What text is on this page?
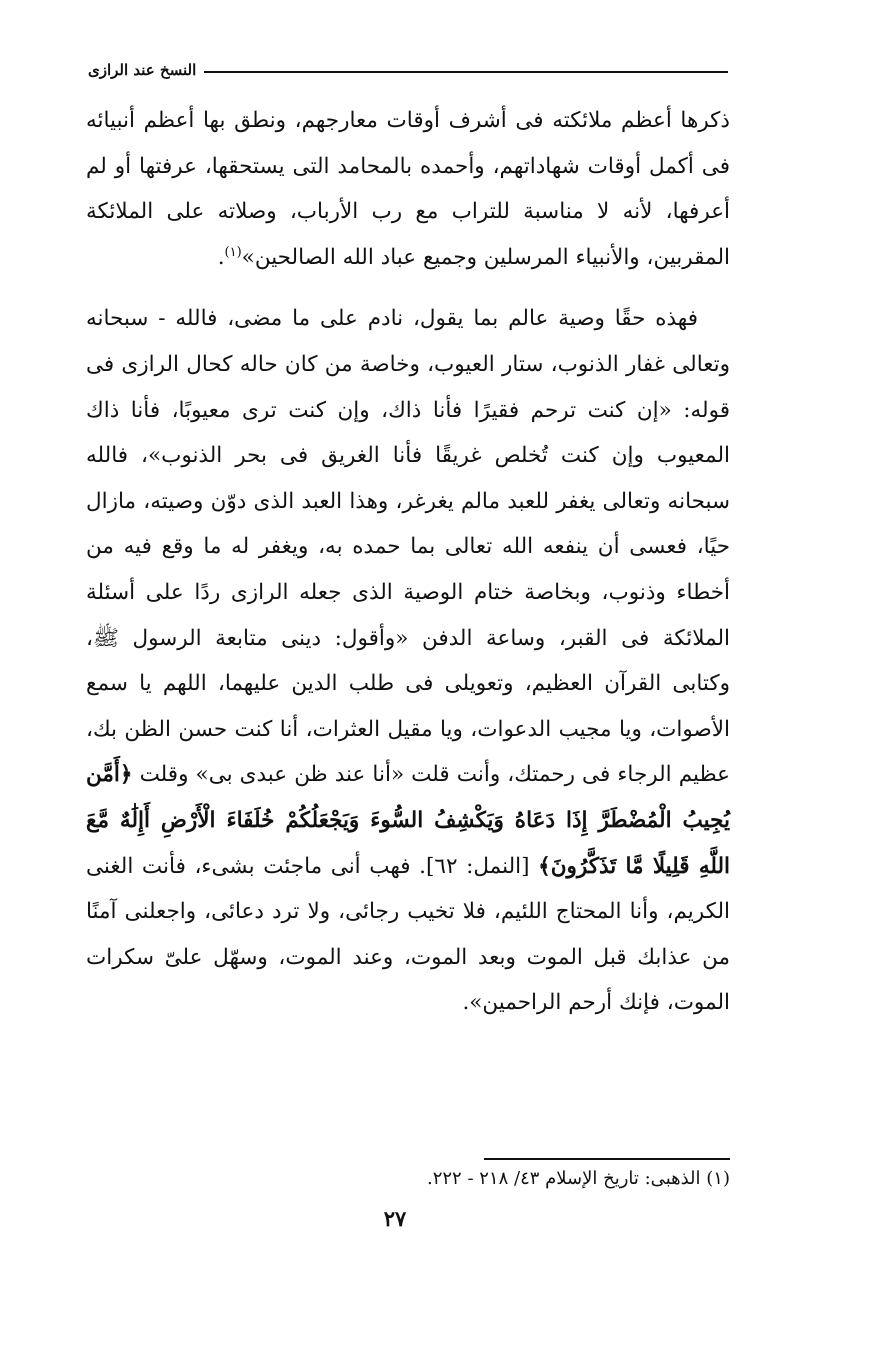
النسخ عند الرازى

ذكرها أعظم ملائكته فى أشرف أوقات معارجهم، ونطق بها أعظم أنبيائه فى أكمل أوقات شهاداتهم، وأحمده بالمحامد التى يستحقها، عرفتها أو لم أعرفها، لأنه لا مناسبة للتراب مع رب الأرباب، وصلاته على الملائكة المقربين، والأنبياء المرسلين وجميع عباد الله الصالحين»$^{(١)}$.

فهذه حقًا وصية عالم بما يقول، نادم على ما مضى، فالله - سبحانه وتعالى غفار الذنوب، ستار العيوب، وخاصة من كان حاله كحال الرازى فى قوله: «إن كنت ترحم فقيرًا فأنا ذاك، وإن كنت ترى معيوبًا، فأنا ذاك المعيوب وإن كنت تُخلص غريقًا فأنا الغريق فى بحر الذنوب»، فالله سبحانه وتعالى يغفر للعبد مالم يغرغر، وهذا العبد الذى دوّن وصيته، مازال حيًا، فعسى أن ينفعه الله تعالى بما حمده به، ويغفر له ما وقع فيه من أخطاء وذنوب، وبخاصة ختام الوصية الذى جعله الرازى ردًا على أسئلة الملائكة فى القبر، وساعة الدفن «وأقول: دينى متابعة الرسول ﷺ، وكتابى القرآن العظيم، وتعويلى فى طلب الدين عليهما، اللهم يا سمع الأصوات، ويا مجيب الدعوات، ويا مقيل العثرات، أنا كنت حسن الظن بك، عظيم الرجاء فى رحمتك، وأنت قلت «أنا عند ظن عبدى بى» وقلت ﴿أَمَّن يُجِيبُ الْمُضْطَرَّ إِذَا دَعَاهُ وَيَكْشِفُ السُّوءَ وَيَجْعَلُكُمْ خُلَفَاءَ الْأَرْضِ أَإِلَٰهٌ مَّعَ اللَّهِ قَلِيلًا مَّا تَذَكَّرُونَ﴾ [النمل: ٦٢]. فهب أنى ماجئت بشىء، فأنت الغنى الكريم، وأنا المحتاج اللئيم، فلا تخيب رجائى، ولا ترد دعائى، واجعلنى آمنًا من عذابك قبل الموت وبعد الموت، وعند الموت، وسهّل علىّ سكرات الموت، فإنك أرحم الراحمين».

(١) الذهبى: تاريخ الإسلام ٤٣/ ٢١٨ - ٢٢٢.
٢٧
